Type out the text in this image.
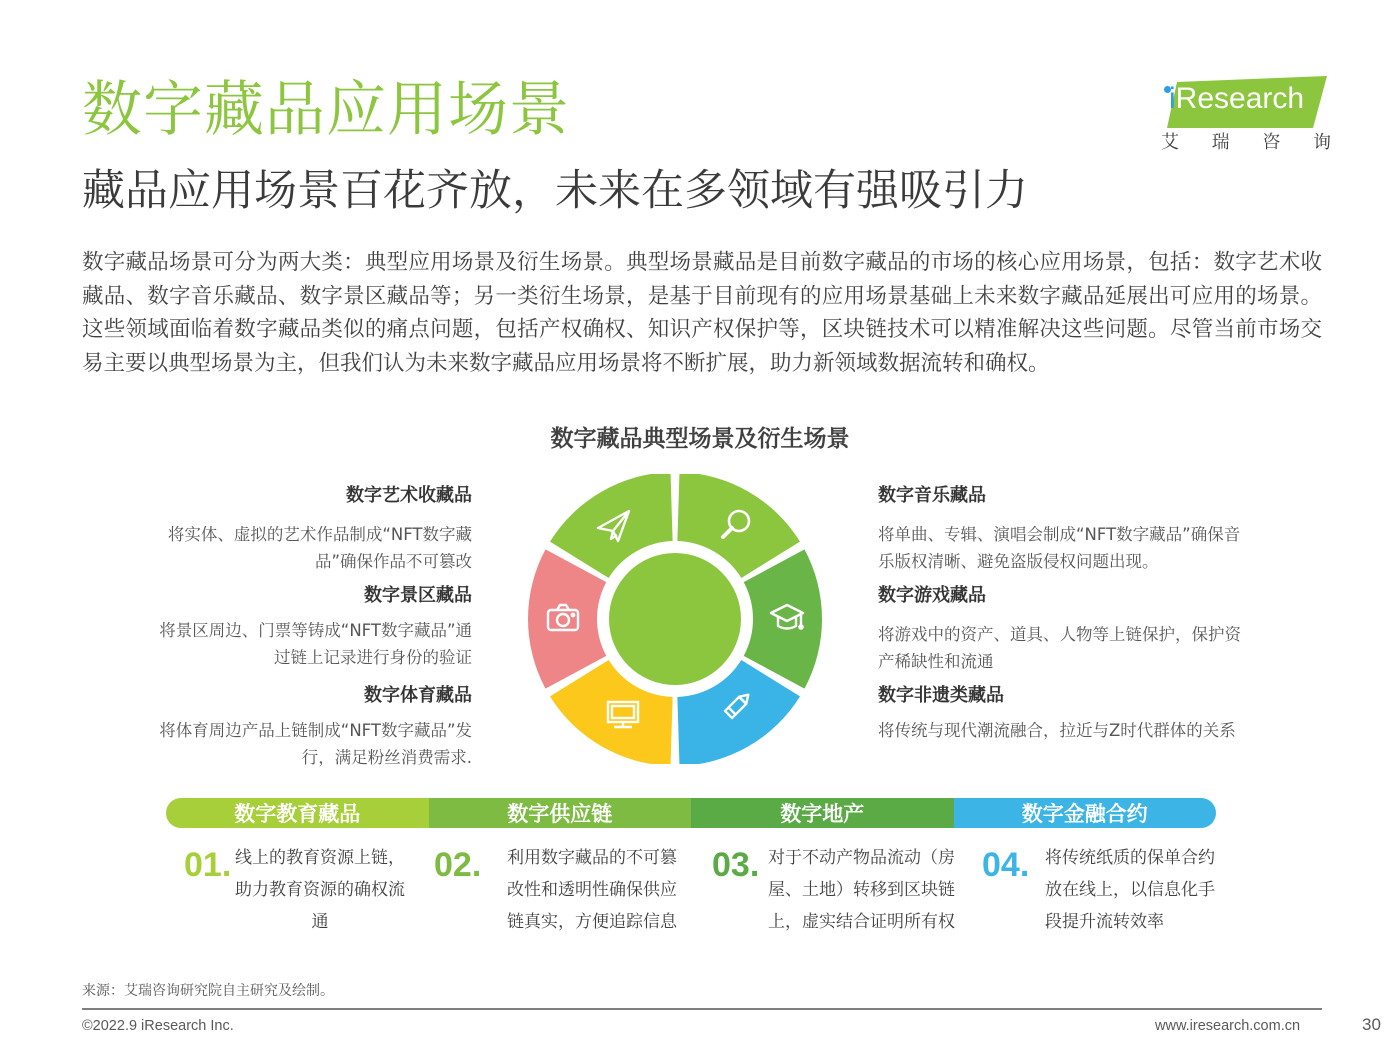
数字藏品应用场景
藏品应用场景百花齐放，未来在多领域有强吸引力
iResearch
艾 瑞 咨 询
数字藏品场景可分为两大类：典型应用场景及衍生场景。典型场景藏品是目前数字藏品的市场的核心应用场景，包括：数字艺术收藏品、数字音乐藏品、数字景区藏品等；另一类衍生场景，是基于目前现有的应用场景基础上未来数字藏品延展出可应用的场景。这些领域面临着数字藏品类似的痛点问题，包括产权确权、知识产权保护等，区块链技术可以精准解决这些问题。尽管当前市场交易主要以典型场景为主，但我们认为未来数字藏品应用场景将不断扩展，助力新领域数据流转和确权。
数字藏品典型场景及衍生场景
数字艺术收藏品
将实体、虚拟的艺术作品制成“NFT数字藏品”确保作品不可篡改
数字景区藏品
将景区周边、门票等铸成“NFT数字藏品”通过链上记录进行身份的验证
数字体育藏品
将体育周边产品上链制成“NFT数字藏品”发行，满足粉丝消费需求.
数字音乐藏品
将单曲、专辑、演唱会制成“NFT数字藏品”确保音乐版权清晰、避免盗版侵权问题出现。
数字游戏藏品
将游戏中的资产、道具、人物等上链保护，保护资产稀缺性和流通
数字非遗类藏品
将传统与现代潮流融合，拉近与Z时代群体的关系
数字教育藏品	数字供应链	数字地产	数字金融合约
01. 线上的教育资源上链，助力教育资源的确权流通
02. 利用数字藏品的不可篡改性和透明性确保供应链真实，方便追踪信息
03. 对于不动产物品流动（房屋、土地）转移到区块链上，虚实结合证明所有权
04. 将传统纸质的保单合约放在线上，以信息化手段提升流转效率
来源：艾瑞咨询研究院自主研究及绘制。
©2022.9 iResearch Inc.	www.iresearch.com.cn	30
